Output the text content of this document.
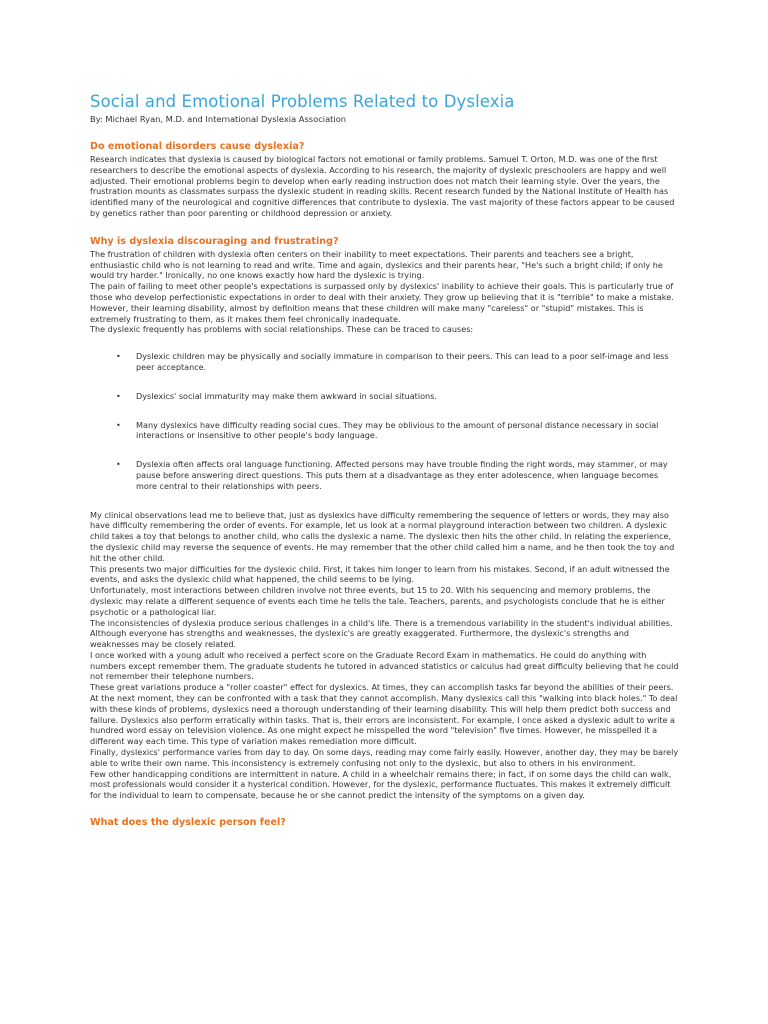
Social and Emotional Problems Related to Dyslexia
By: Michael Ryan, M.D. and International Dyslexia Association
Do emotional disorders cause dyslexia?

Research indicates that dyslexia is caused by biological factors not emotional or family problems. Samuel T. Orton, M.D. was one of the first researchers to describe the emotional aspects of dyslexia. According to his research, the majority of dyslexic preschoolers are happy and well adjusted. Their emotional problems begin to develop when early reading instruction does not match their learning style. Over the years, the frustration mounts as classmates surpass the dyslexic student in reading skills. Recent research funded by the National Institute of Health has identified many of the neurological and cognitive differences that contribute to dyslexia. The vast majority of these factors appear to be caused by genetics rather than poor parenting or childhood depression or anxiety.

Why is dyslexia discouraging and frustrating?

The frustration of children with dyslexia often centers on their inability to meet expectations. Their parents and teachers see a bright, enthusiastic child who is not learning to read and write. Time and again, dyslexics and their parents hear, "He's such a bright child; if only he would try harder." Ironically, no one knows exactly how hard the dyslexic is trying.

The pain of failing to meet other people's expectations is surpassed only by dyslexics' inability to achieve their goals. This is particularly true of those who develop perfectionistic expectations in order to deal with their anxiety. They grow up believing that it is "terrible" to make a mistake.

However, their learning disability, almost by definition means that these children will make many "careless" or "stupid" mistakes. This is extremely frustrating to them, as it makes them feel chronically inadequate.

The dyslexic frequently has problems with social relationships. These can be traced to causes:

• Dyslexic children may be physically and socially immature in comparison to their peers. This can lead to a poor self-image and less peer acceptance.
• Dyslexics' social immaturity may make them awkward in social situations.
• Many dyslexics have difficulty reading social cues. They may be oblivious to the amount of personal distance necessary in social interactions or insensitive to other people's body language.
• Dyslexia often affects oral language functioning. Affected persons may have trouble finding the right words, may stammer, or may pause before answering direct questions. This puts them at a disadvantage as they enter adolescence, when language becomes more central to their relationships with peers.

My clinical observations lead me to believe that, just as dyslexics have difficulty remembering the sequence of letters or words, they may also have difficulty remembering the order of events. For example, let us look at a normal playground interaction between two children. A dyslexic child takes a toy that belongs to another child, who calls the dyslexic a name. The dyslexic then hits the other child. In relating the experience, the dyslexic child may reverse the sequence of events. He may remember that the other child called him a name, and he then took the toy and hit the other child.

This presents two major difficulties for the dyslexic child. First, it takes him longer to learn from his mistakes. Second, if an adult witnessed the events, and asks the dyslexic child what happened, the child seems to be lying.

Unfortunately, most interactions between children involve not three events, but 15 to 20. With his sequencing and memory problems, the dyslexic may relate a different sequence of events each time he tells the tale. Teachers, parents, and psychologists conclude that he is either psychotic or a pathological liar.

The inconsistencies of dyslexia produce serious challenges in a child's life. There is a tremendous variability in the student's individual abilities. Although everyone has strengths and weaknesses, the dyslexic's are greatly exaggerated. Furthermore, the dyslexic's strengths and weaknesses may be closely related.

I once worked with a young adult who received a perfect score on the Graduate Record Exam in mathematics. He could do anything with numbers except remember them. The graduate students he tutored in advanced statistics or calculus had great difficulty believing that he could not remember their telephone numbers.

These great variations produce a "roller coaster" effect for dyslexics. At times, they can accomplish tasks far beyond the abilities of their peers. At the next moment, they can be confronted with a task that they cannot accomplish. Many dyslexics call this "walking into black holes." To deal with these kinds of problems, dyslexics need a thorough understanding of their learning disability. This will help them predict both success and failure. Dyslexics also perform erratically within tasks. That is, their errors are inconsistent. For example, I once asked a dyslexic adult to write a hundred word essay on television violence. As one might expect he misspelled the word "television" five times. However, he misspelled it a different way each time. This type of variation makes remediation more difficult.

Finally, dyslexics' performance varies from day to day. On some days, reading may come fairly easily. However, another day, they may be barely able to write their own name. This inconsistency is extremely confusing not only to the dyslexic, but also to others in his environment.

Few other handicapping conditions are intermittent in nature. A child in a wheelchair remains there; in fact, if on some days the child can walk, most professionals would consider it a hysterical condition. However, for the dyslexic, performance fluctuates. This makes it extremely difficult for the individual to learn to compensate, because he or she cannot predict the intensity of the symptoms on a given day.

What does the dyslexic person feel?
